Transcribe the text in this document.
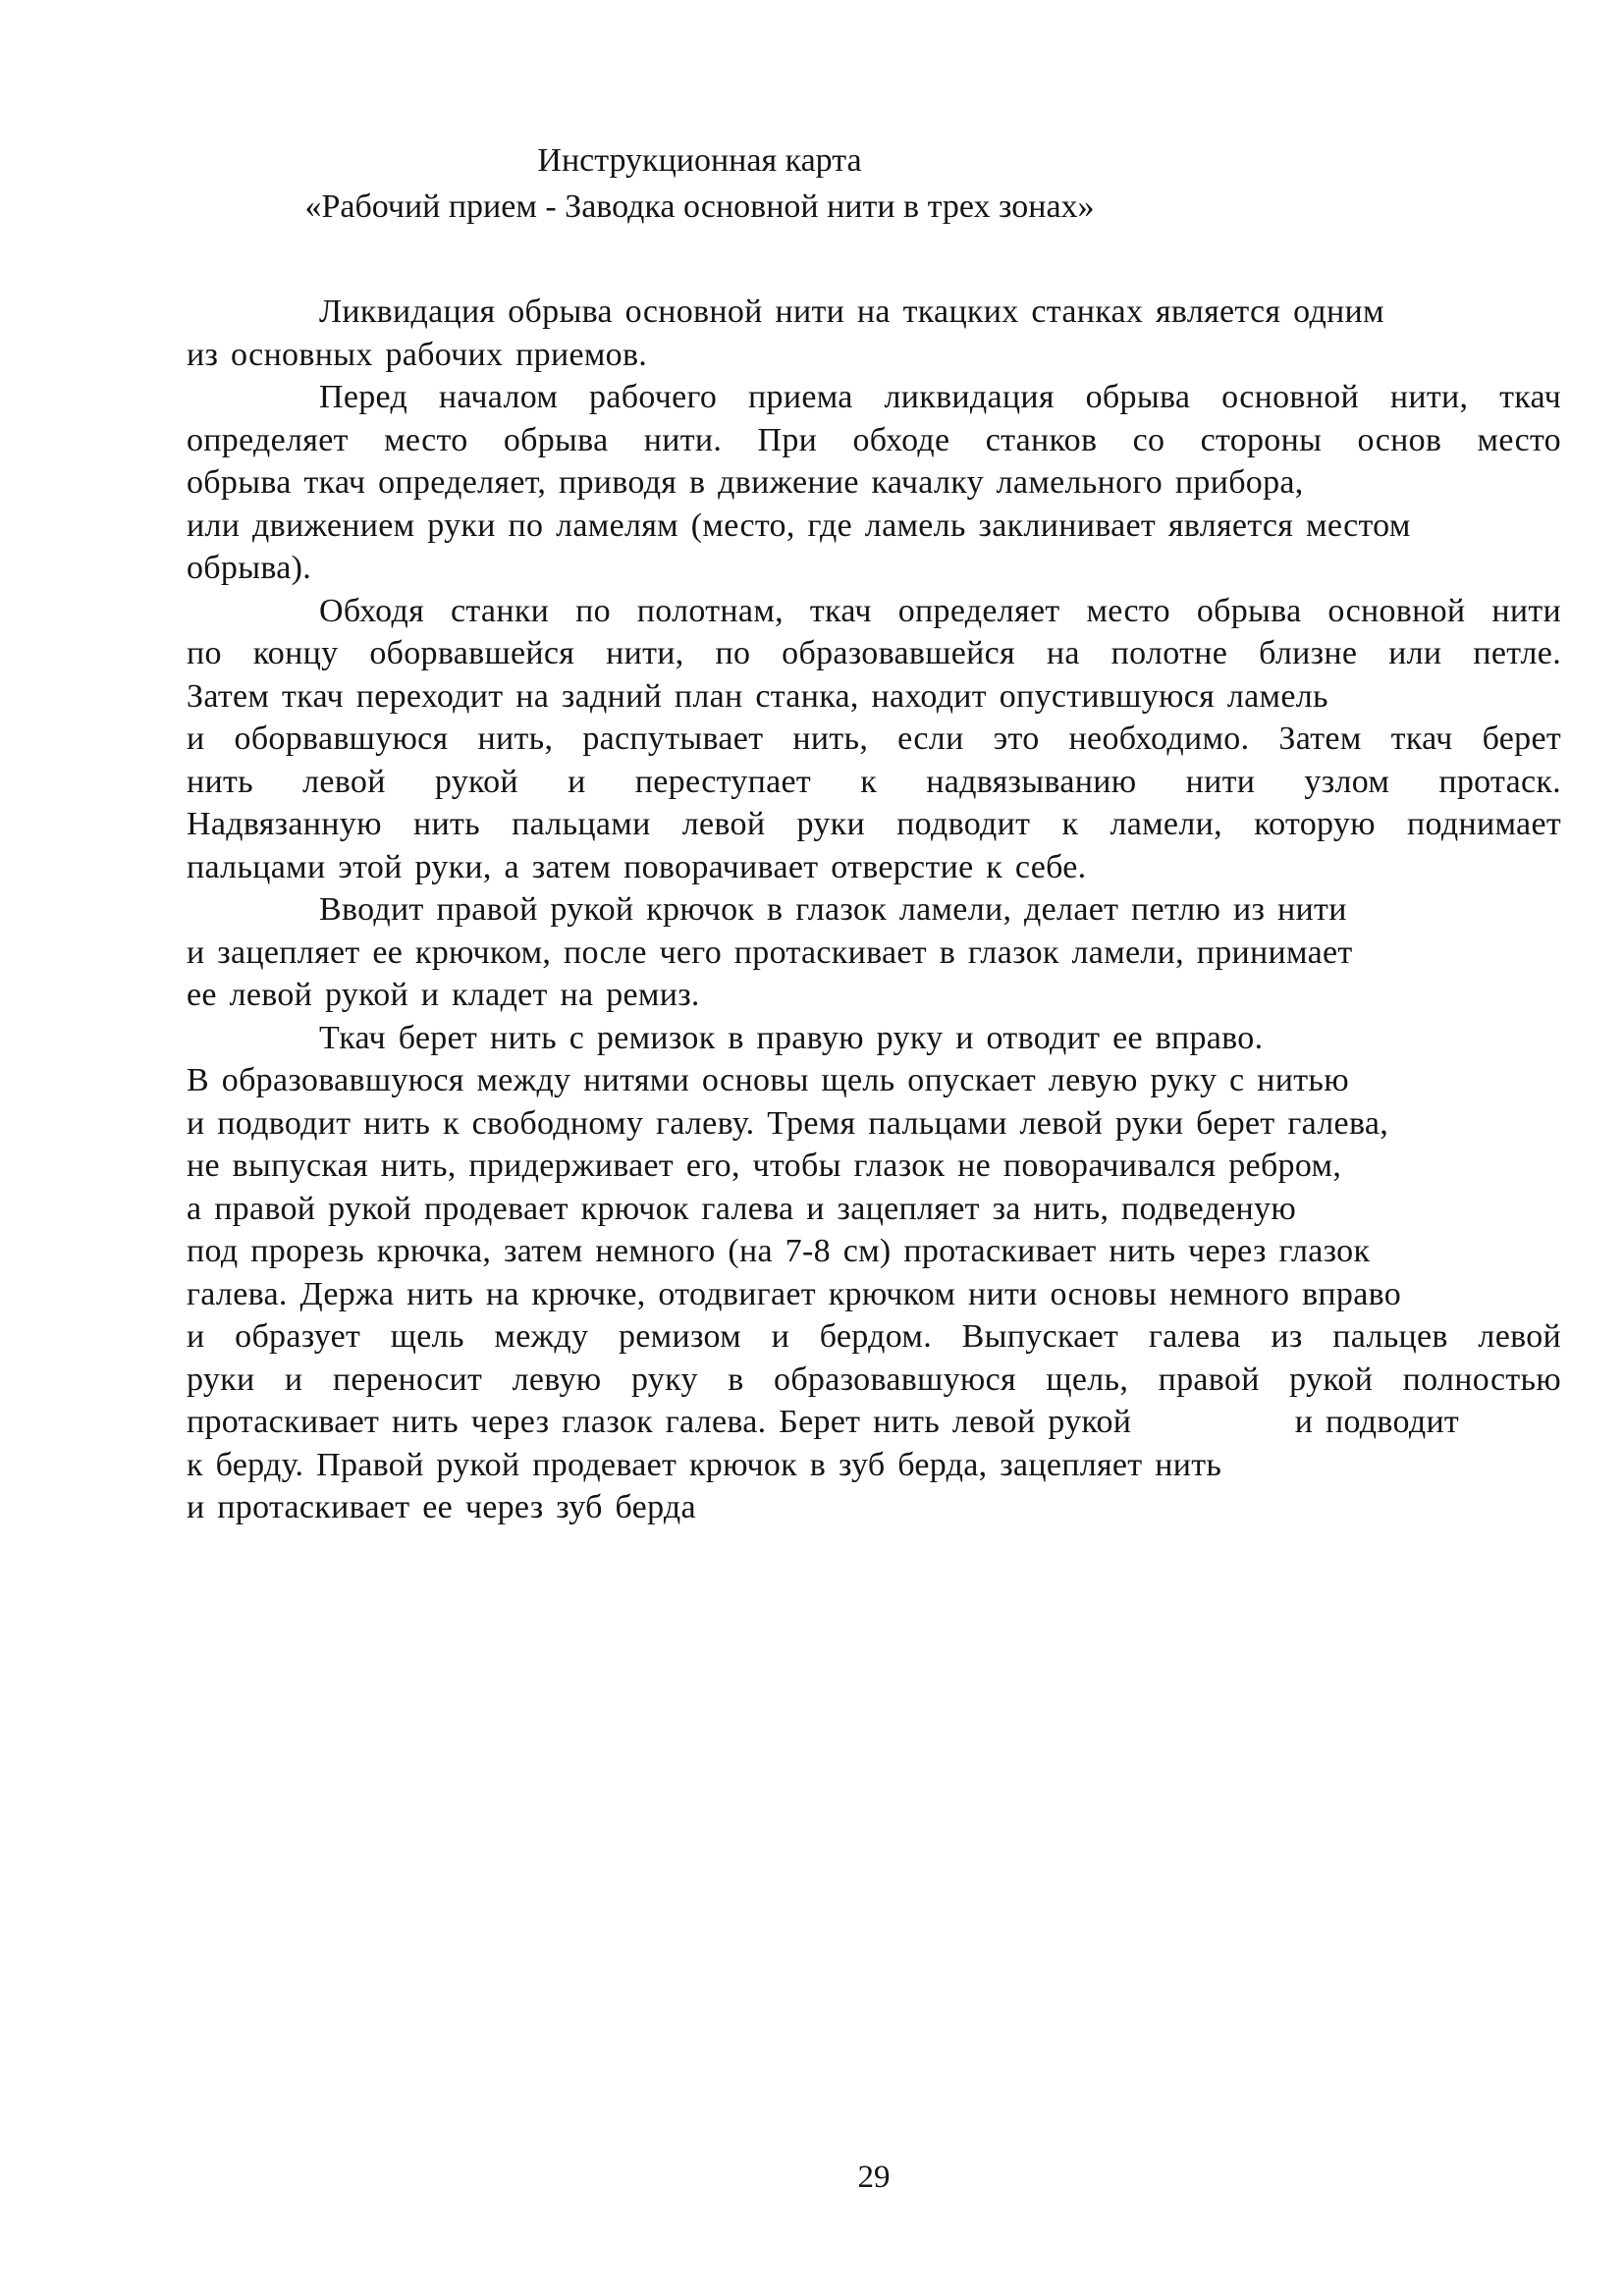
Инструкционная карта
«Рабочий прием - Заводка основной нити в трех зонах»
Ликвидация обрыва основной нити на ткацких станках является одним
из основных рабочих приемов.
Перед началом рабочего приема ликвидация обрыва основной нити, ткач
определяет место обрыва нити. При обходе станков со стороны основ место
обрыва ткач определяет, приводя в движение качалку ламельного прибора,
или движением руки по ламелям (место, где ламель заклинивает является местом
обрыва).
Обходя станки по полотнам, ткач определяет место обрыва основной нити
по концу оборвавшейся нити, по образовавшейся на полотне близне или петле.
Затем ткач переходит на задний план станка, находит опустившуюся ламель
и оборвавшуюся нить, распутывает нить, если это необходимо. Затем ткач берет
нить левой рукой и переступает к надвязыванию нити узлом протаск.
Надвязанную нить пальцами левой руки подводит к ламели, которую поднимает
пальцами этой руки, а затем поворачивает отверстие к себе.
Вводит правой рукой крючок в глазок ламели, делает петлю из нити
и зацепляет ее крючком, после чего протаскивает в глазок ламели, принимает
ее левой рукой и кладет на ремиз.
Ткач берет нить с ремизок в правую руку и отводит ее вправо.
В образовавшуюся между нитями основы щель опускает левую руку с нитью
и подводит нить к свободному галеву. Тремя пальцами левой руки берет галева,
не выпуская нить, придерживает его, чтобы глазок не поворачивался ребром,
а правой рукой продевает крючок галева и зацепляет за нить, подведеную
под прорезь крючка, затем немного (на 7-8 см) протаскивает нить через глазок
галева. Держа нить на крючке, отодвигает крючком нити основы немного вправо
и образует щель между ремизом и бердом. Выпускает галева из пальцев левой
руки и переносит левую руку в образовавшуюся щель, правой рукой полностью
протаскивает нить через глазок галева. Берет нить левой рукой             и подводит
к берду. Правой рукой продевает крючок в зуб берда, зацепляет нить
и протаскивает ее через зуб берда
29
